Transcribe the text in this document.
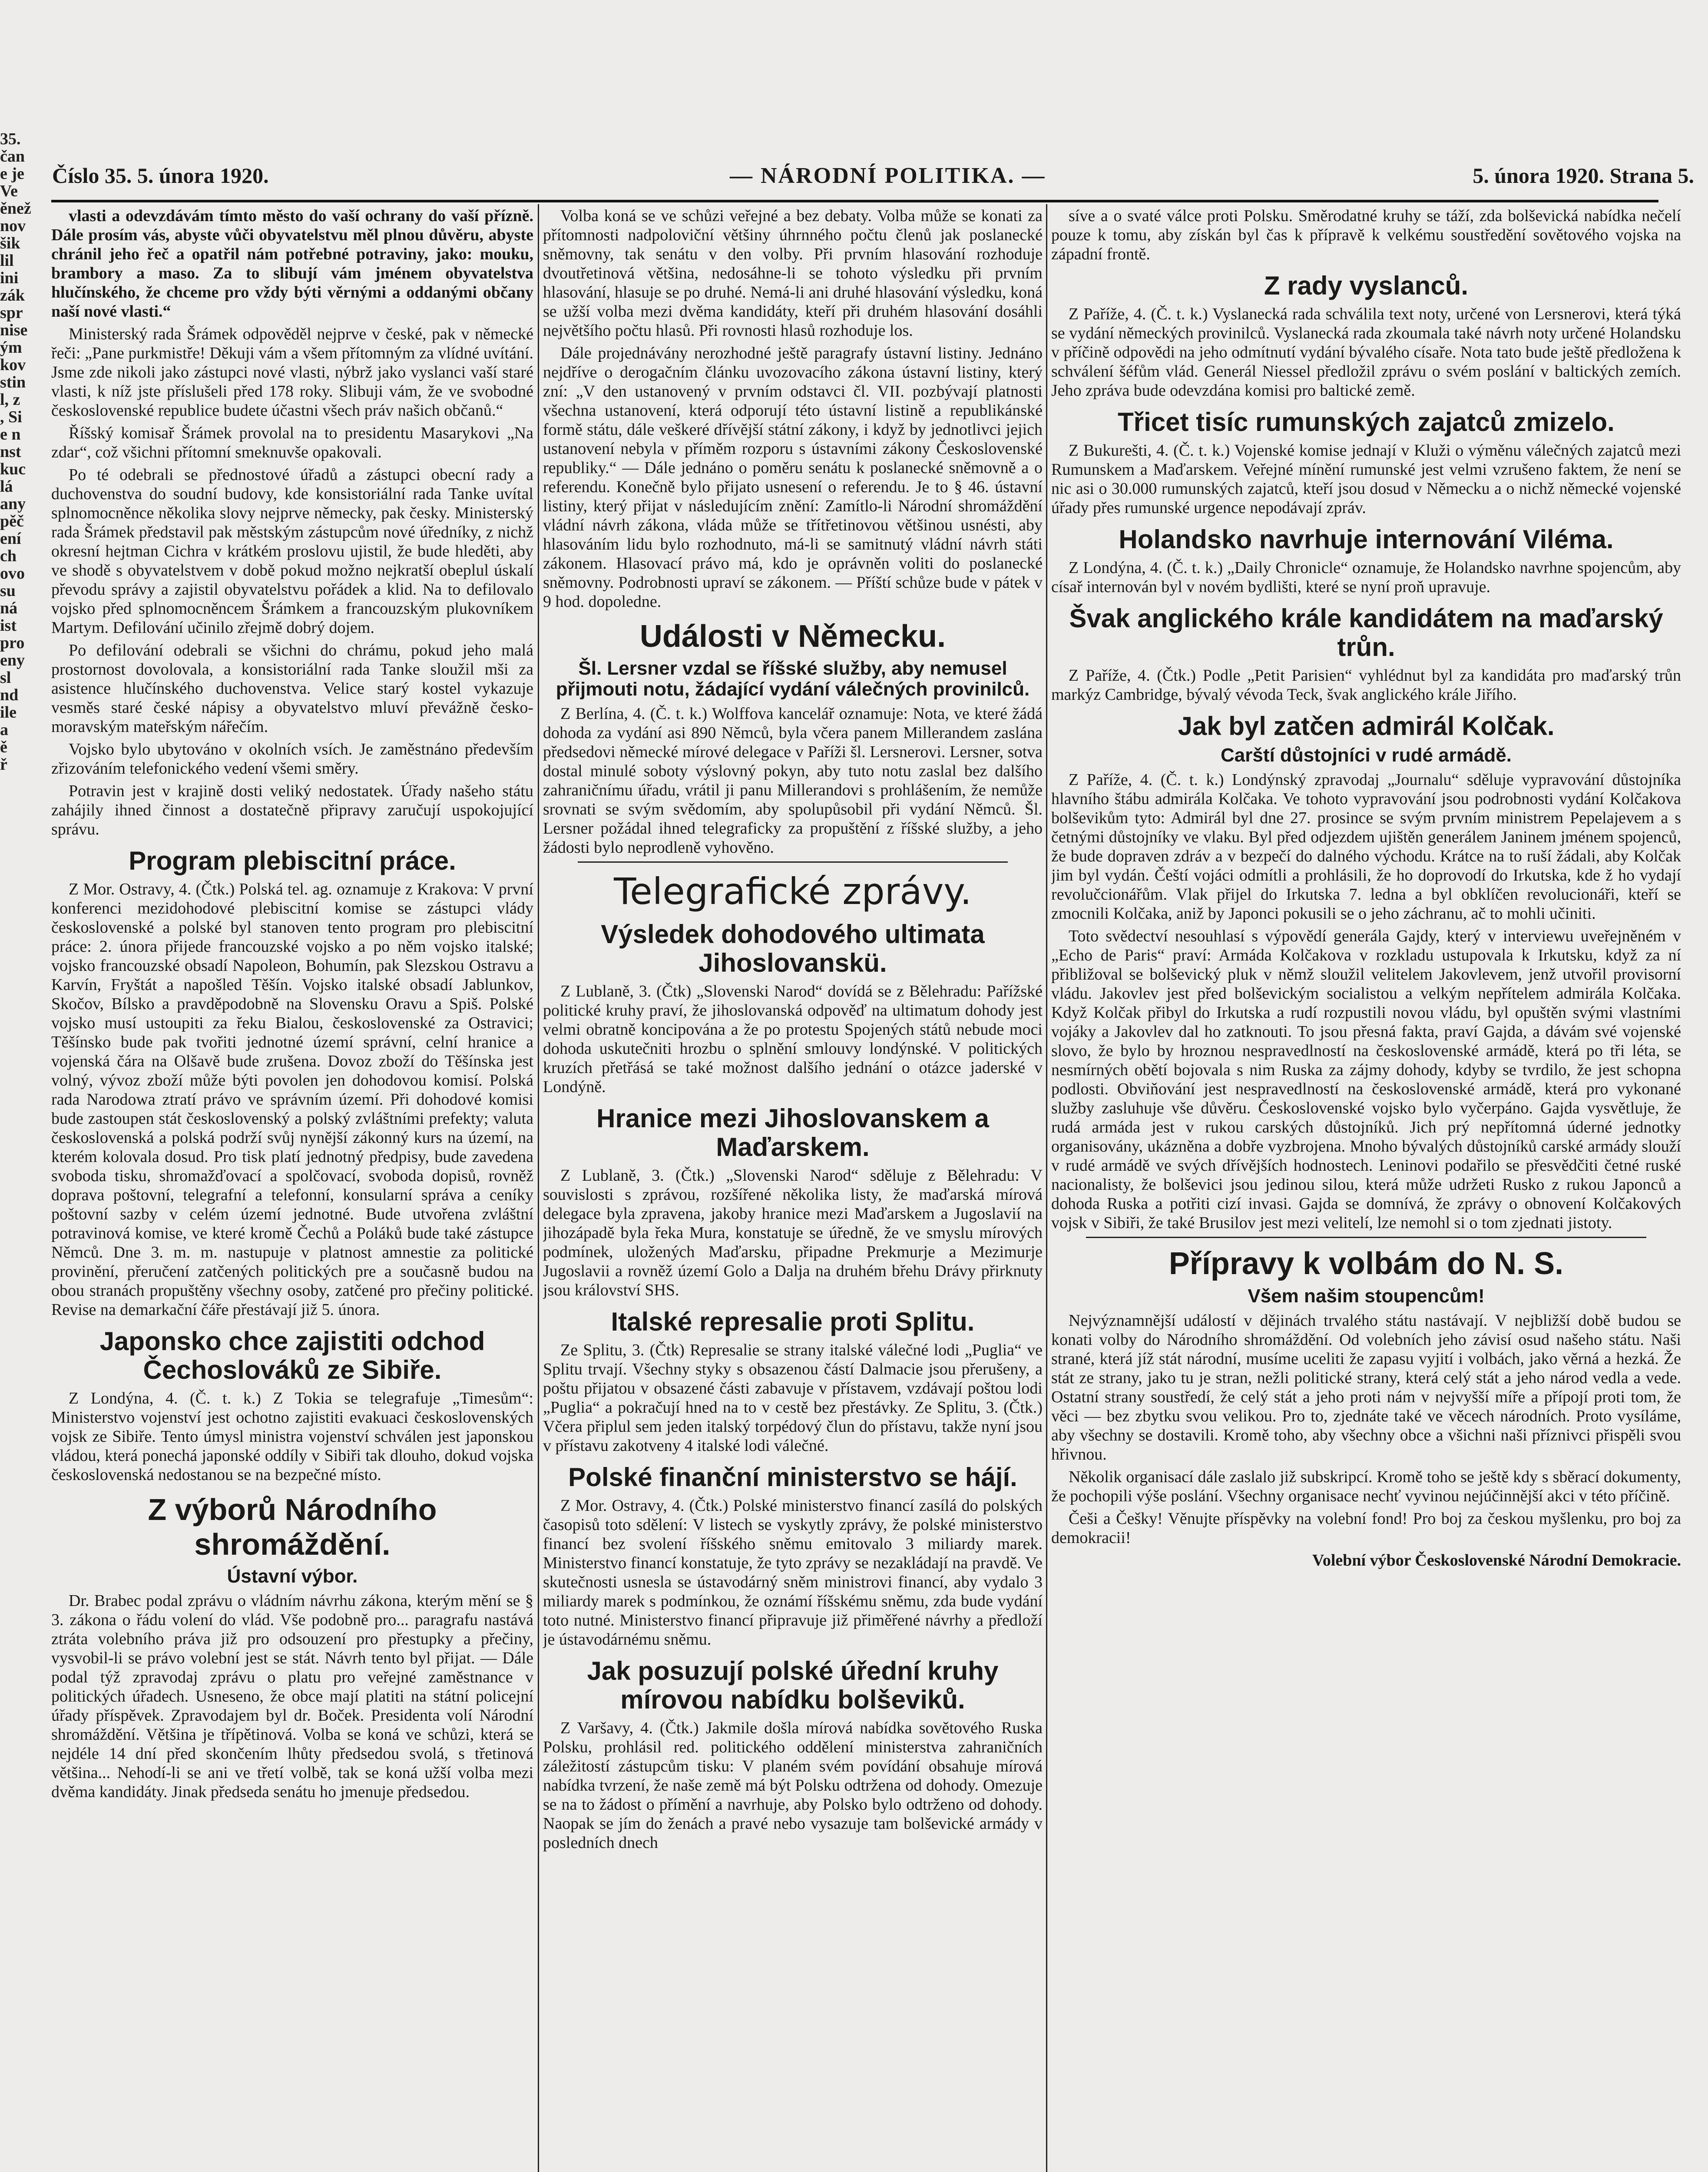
35.
čan
e je
Ve
ěnež
nov
šik
lil
ini
zák
spr
nise
ým
kov
stin
l, z
, Si
e n
nst
kuc
lá
any
pěč
ení
ch
ovo
su
ná
ist
pro
eny
sl
nd
ile
a
ě
ř
Číslo 35. 5. února 1920.	— NÁRODNÍ POLITIKA. —	5. února 1920. Strana 5.

vlasti a odevzdávám tímto město do vaší ochrany do vaší přízně. Dále prosím vás, abyste vůči obyvatelstvu měl plnou důvěru, abyste chránil jeho řeč a opatřil nám potřebné potraviny, jako: mouku, brambory a maso. Za to slibují vám jménem obyvatelstva hlučínského, že chceme pro vždy býti věrnými a oddanými občany naší nové vlasti.“

Ministerský rada Šrámek odpověděl nejprve v české, pak v německé řeči: „Pane purkmistře! Děkuji vám a všem přítomným za vlídné uvítání. Jsme zde nikoli jako zástupci nové vlasti, nýbrž jako vyslanci vaší staré vlasti, k níž jste příslušeli před 178 roky. Slibuji vám, že ve svobodné československé republice budete účastni všech práv našich občanů.“

Říšský komisař Šrámek provolal na to presidentu Masarykovi „Na zdar“, což všichni přítomní smeknuvše opakovali.

Po té odebrali se přednostové úřadů a zástupci obecní rady a duchovenstva do soudní budovy, kde konsistoriální rada Tanke uvítal splnomocněnce několika slovy nejprve německy, pak česky. Ministerský rada Šrámek představil pak městským zástupcům nové úředníky, z nichž okresní hejtman Cichra v krátkém proslovu ujistil, že bude hleděti, aby ve shodě s obyvatelstvem v době pokud možno nejkratší obeplul úskalí převodu správy a zajistil obyvatelstvu pořádek a klid. Na to defilovalo vojsko před splnomocněncem Šrámkem a francouzským plukovníkem Martym. Defilování učinilo zřejmě dobrý dojem.

Po defilování odebrali se všichni do chrámu, pokud jeho malá prostornost dovolovala, a konsistoriální rada Tanke sloužil mši za asistence hlučínského duchovenstva. Velice starý kostel vykazuje vesměs staré české nápisy a obyvatelstvo mluví převážně česko-moravským mateřským nářečím.

Vojsko bylo ubytováno v okolních vsích. Je zaměstnáno především zřizováním telefonického vedení všemi směry.

Potravin jest v krajině dosti veliký nedostatek. Úřady našeho státu zahájily ihned činnost a dostatečně připravy zaručují uspokojující správu.

Program plebiscitní práce.

Z Mor. Ostravy, 4. (Čtk.) Polská tel. ag. oznamuje z Krakova: V první konferenci mezidohodové plebiscitní komise se zástupci vlády československé a polské byl stanoven tento program pro plebiscitní práce: 2. února přijede francouzské vojsko a po něm vojsko italské; vojsko francouzské obsadí Napoleon, Bohumín, pak Slezskou Ostravu a Karvín, Fryštát a napošled Těšín. Vojsko italské obsadí Jablunkov, Skočov, Bílsko a pravděpodobně na Slovensku Oravu a Spiš. Polské vojsko musí ustoupiti za řeku Bialou, československé za Ostravici; Těšínsko bude pak tvořiti jednotné území správní, celní hranice a vojenská čára na Olšavě bude zrušena. Dovoz zboží do Těšínska jest volný, vývoz zboží může býti povolen jen dohodovou komisí. Polská rada Narodowa ztratí právo ve správním území. Při dohodové komisi bude zastoupen stát československý a polský zvláštními prefekty; valuta československá a polská podrží svůj nynější zákonný kurs na území, na kterém kolovala dosud. Pro tisk platí jednotný předpisy, bude zavedena svoboda tisku, shromažďovací a spolčovací, svoboda dopisů, rovněž doprava poštovní, telegrafní a telefonní, konsularní správa a ceníky poštovní sazby v celém území jednotné. Bude utvořena zvláštní potravinová komise, ve které kromě Čechů a Poláků bude také zástupce Němců. Dne 3. m. m. nastupuje v platnost amnestie za politické provinění, přeručení zatčených politických pre a současně budou na obou stranách propuštěny všechny osoby, zatčené pro přečiny politické. Revise na demarkační čáře přestávají již 5. února.

Japonsko chce zajistiti odchod Čechoslováků ze Sibiře.

Z Londýna, 4. (Č. t. k.) Z Tokia se telegrafuje „Timesům“: Ministerstvo vojenství jest ochotno zajistiti evakuaci československých vojsk ze Sibiře. Tento úmysl ministra vojenství schválen jest japonskou vládou, která ponechá japonské oddíly v Sibiři tak dlouho, dokud vojska československá nedostanou se na bezpečné místo.

Z výborů Národního shromáždění.
Ústavní výbor.

Dr. Brabec podal zprávu o vládním návrhu zákona, kterým mění se § 3. zákona o řádu volení do vlád. Vše podobně pro... paragrafu nastává ztráta volebního práva již pro odsouzení pro přestupky a přečiny, vysvobil-li se právo volební jest se stát. Návrh tento byl přijat. — Dále podal týž zpravodaj zprávu o platu pro veřejné zaměstnance v politických úřadech. Usneseno, že obce mají platiti na státní policejní úřady příspěvek. Zpravodajem byl dr. Boček. Presidenta volí Národní shromáždění. Většina je třípětinová. Volba se koná ve schůzi, která se nejdéle 14 dní před skončením lhůty předsedou svolá, s třetinová většina... Nehodí-li se ani ve třetí volbě, tak se koná užší volba mezi dvěma kandidáty. Jinak předseda senátu ho jmenuje předsedou.

Volba koná se ve schůzi veřejné a bez debaty. Volba může se konati za přítomnosti nadpoloviční většiny úhrnného počtu členů jak poslanecké sněmovny, tak senátu v den volby. Při prvním hlasování rozhoduje dvoutřetinová většina, nedosáhne-li se tohoto výsledku při prvním hlasování, hlasuje se po druhé. Nemá-li ani druhé hlasování výsledku, koná se užší volba mezi dvěma kandidáty, kteří při druhém hlasování dosáhli největšího počtu hlasů. Při rovnosti hlasů rozhoduje los.

Dále projednávány nerozhodné ještě paragrafy ústavní listiny. Jednáno nejdříve o derogačním článku uvozovacího zákona ústavní listiny, který zní: „V den ustanovený v prvním odstavci čl. VII. pozbývají platnosti všechna ustanovení, která odporují této ústavní listině a republikánské formě státu, dále veškeré dřívější státní zákony, i když by jednotlivci jejich ustanovení nebyla v příměm rozporu s ústavními zákony Československé republiky.“ — Dále jednáno o poměru senátu k poslanecké sněmovně a o referendu. Konečně bylo přijato usnesení o referendu. Je to § 46. ústavní listiny, který přijat v následujícím znění: Zamítlo-li Národní shromáždění vládní návrh zákona, vláda může se třítřetinovou většinou usnésti, aby hlasováním lidu bylo rozhodnuto, má-li se samitnutý vládní návrh státi zákonem. Hlasovací právo má, kdo je oprávněn voliti do poslanecké sněmovny. Podrobnosti upraví se zákonem. — Příští schůze bude v pátek v 9 hod. dopoledne.

Události v Německu.
Šl. Lersner vzdal se říšské služby, aby nemusel přijmouti notu, žádající vydání válečných provinilců.

Z Berlína, 4. (Č. t. k.) Wolffova kancelář oznamuje: Nota, ve které žádá dohoda za vydání asi 890 Němců, byla včera panem Millerandem zaslána předsedovi německé mírové delegace v Paříži šl. Lersnerovi. Lersner, sotva dostal minulé soboty výslovný pokyn, aby tuto notu zaslal bez dalšího zahraničnímu úřadu, vrátil ji panu Millerandovi s prohlášením, že nemůže srovnati se svým svědomím, aby spolupůsobil při vydání Němců. Šl. Lersner požádal ihned telegraficky za propuštění z říšské služby, a jeho žádosti bylo neprodleně vyhověno.

Telegrafické zprávy.
Výsledek dohodového ultimata Jihoslovanskü.

Z Lublaně, 3. (Čtk) „Slovenski Narod“ dovídá se z Bělehradu: Pařížské politické kruhy praví, že jihoslovanská odpověď na ultimatum dohody jest velmi obratně koncipována a že po protestu Spojených států nebude moci dohoda uskutečniti hrozbu o splnění smlouvy londýnské. V politických kruzích přetřásá se také možnost dalšího jednání o otázce jaderské v Londýně.

Hranice mezi Jihoslovanskem a Maďarskem.

Z Lublaně, 3. (Čtk.) „Slovenski Narod“ sděluje z Bělehradu: V souvislosti s zprávou, rozšířené několika listy, že maďarská mírová delegace byla zpravena, jakoby hranice mezi Maďarskem a Jugoslavií na jihozápadě byla řeka Mura, konstatuje se úředně, že ve smyslu mírových podmínek, uložených Maďarsku, připadne Prekmurje a Mezimurje Jugoslavii a rovněž území Golo a Dalja na druhém břehu Drávy přirknuty jsou království SHS.

Italské represalie proti Splitu.

Ze Splitu, 3. (Čtk) Represalie se strany italské válečné lodi „Puglia“ ve Splitu trvají. Všechny styky s obsazenou částí Dalmacie jsou přerušeny, a poštu přijatou v obsazené části zabavuje v přístavem, vzdávají poštou lodi „Puglia“ a pokračují hned na to v cestě bez přestávky. Ze Splitu, 3. (Čtk.) Včera připlul sem jeden italský torpédový člun do přístavu, takže nyní jsou v přístavu zakotveny 4 italské lodi válečné.

Polské finanční ministerstvo se hájí.

Z Mor. Ostravy, 4. (Čtk.) Polské ministerstvo financí zasílá do polských časopisů toto sdělení: V listech se vyskytly zprávy, že polské ministerstvo financí bez svolení říšského sněmu emitovalo 3 miliardy marek. Ministerstvo financí konstatuje, že tyto zprávy se nezakládají na pravdě. Ve skutečnosti usnesla se ústavodárný sněm ministrovi financí, aby vydalo 3 miliardy marek s podmínkou, že oznámí říšskému sněmu, zda bude vydání toto nutné. Ministerstvo financí připravuje již přiměřené návrhy a předloží je ústavodárnému sněmu.

Jak posuzují polské úřední kruhy mírovou nabídku bolševiků.

Z Varšavy, 4. (Čtk.) Jakmile došla mírová nabídka sovětového Ruska Polsku, prohlásil red. politického oddělení ministerstva zahraničních záležitostí zástupcům tisku: V planém svém povídání obsahuje mírová nabídka tvrzení, že naše země má být Polsku odtržena od dohody. Omezuje se na to žádost o přímění a navrhuje, aby Polsko bylo odtrženo od dohody. Naopak se jím do ženách a pravé nebo vysazuje tam bolševické armády v posledních dnech

síve a o svaté válce proti Polsku. Směrodatné kruhy se táží, zda bolševická nabídka nečelí pouze k tomu, aby získán byl čas k přípravě k velkému soustředění sovětového vojska na západní frontě.

Z rady vyslanců.

Z Paříže, 4. (Č. t. k.) Vyslanecká rada schválila text noty, určené von Lersnerovi, která týká se vydání německých provinilců. Vyslanecká rada zkoumala také návrh noty určené Holandsku v příčině odpovědi na jeho odmítnutí vydání bývalého císaře. Nota tato bude ještě předložena k schválení šéfům vlád. Generál Niessel předložil zprávu o svém poslání v baltických zemích. Jeho zpráva bude odevzdána komisi pro baltické země.

Třicet tisíc rumunských zajatců zmizelo.

Z Bukurešti, 4. (Č. t. k.) Vojenské komise jednají v Kluži o výměnu válečných zajatců mezi Rumunskem a Maďarskem. Veřejné mínění rumunské jest velmi vzrušeno faktem, že není se nic asi o 30.000 rumunských zajatců, kteří jsou dosud v Německu a o nichž německé vojenské úřady přes rumunské urgence nepodávají zpráv.

Holandsko navrhuje internování Viléma.

Z Londýna, 4. (Č. t. k.) „Daily Chronicle“ oznamuje, že Holandsko navrhne spojencům, aby císař internován byl v novém bydlišti, které se nyní proň upravuje.

Švak anglického krále kandidátem na maďarský trůn.

Z Paříže, 4. (Čtk.) Podle „Petit Parisien“ vyhlédnut byl za kandidáta pro maďarský trůn markýz Cambridge, bývalý vévoda Teck, švak anglického krále Jiřího.

Jak byl zatčen admirál Kolčak.
Carští důstojníci v rudé armádě.

Z Paříže, 4. (Č. t. k.) Londýnský zpravodaj „Journalu“ sděluje vypravování důstojníka hlavního štábu admirála Kolčaka. Ve tohoto vypravování jsou podrobnosti vydání Kolčakova bolševikům tyto: Admirál byl dne 27. prosince se svým prvním ministrem Pepelajevem a s četnými důstojníky ve vlaku. Byl před odjezdem ujištěn generálem Janinem jménem spojenců, že bude dopraven zdráv a v bezpečí do dalného východu. Krátce na to ruší žádali, aby Kolčak jim byl vydán. Čeští vojáci odmítli a prohlásili, že ho doprovodí do Irkutska, kde ž ho vydají revolučcionářům. Vlak přijel do Irkutska 7. ledna a byl obklíčen revolucionáři, kteří se zmocnili Kolčaka, aniž by Japonci pokusili se o jeho záchranu, ač to mohli učiniti.

Toto svědectví nesouhlasí s výpovědí generála Gajdy, který v interviewu uveřejněném v „Echo de Paris“ praví: Armáda Kolčakova v rozkladu ustupovala k Irkutsku, když za ní přibližoval se bolševický pluk v němž sloužil velitelem Jakovlevem, jenž utvořil provisorní vládu. Jakovlev jest před bolševickým socialistou a velkým nepřítelem admirála Kolčaka. Když Kolčak přibyl do Irkutska a rudí rozpustili novou vládu, byl opuštěn svými vlastními vojáky a Jakovlev dal ho zatknouti. To jsou přesná fakta, praví Gajda, a dávám své vojenské slovo, že bylo by hroznou nespravedlností na československé armádě, která po tři léta, se nesmírných obětí bojovala s nim Ruska za zájmy dohody, kdyby se tvrdilo, že jest schopna podlosti. Obviňování jest nespravedlností na československé armádě, která pro vykonané služby zasluhuje vše důvěru. Československé vojsko bylo vyčerpáno. Gajda vysvětluje, že rudá armáda jest v rukou carských důstojníků. Jich prý nepřítomná úderné jednotky organisovány, ukázněna a dobře vyzbrojena. Mnoho bývalých důstojníků carské armády slouží v rudé armádě ve svých dřívějších hodnostech. Leninovi podařilo se přesvědčiti četné ruské nacionalisty, že bolševici jsou jedinou silou, která může udržeti Rusko z rukou Japonců a dohoda Ruska a potřiti cizí invasi. Gajda se domnívá, že zprávy o obnovení Kolčakových vojsk v Sibiři, že také Brusilov jest mezi velitelí, lze nemohl si o tom zjednati jistoty.

Přípravy k volbám do N. S.
Všem našim stoupencům!

Nejvýznamnější událostí v dějinách trvalého státu nastávají. V nejbližší době budou se konati volby do Národního shromáždění. Od volebních jeho závisí osud našeho státu. Naši strané, která jíž stát národní, musíme uceliti že zapasu vyjití i volbách, jako věrná a hezká. Že stát ze strany, jako tu je stran, nežli politické strany, která celý stát a jeho národ vedla a vede. Ostatní strany soustředí, že celý stát a jeho proti nám v nejvyšší míře a přípojí proti tom, že věci — bez zbytku svou velikou. Pro to, zjednáte také ve věcech národních. Proto vysíláme, aby všechny se dostavili. Kromě toho, aby všechny obce a všichni naši příznivci přispěli svou hřivnou.

Několik organisací dále zaslalo již subskripcí. Kromě toho se ještě kdy s sběrací dokumenty, že pochopili výše poslání. Všechny organisace nechť vyvinou nejúčinnější akci v této příčině.

Češi a Češky! Věnujte příspěvky na volební fond! Pro boj za českou myšlenku, pro boj za demokracii!

Volební výbor Československé Národní Demokracie.
